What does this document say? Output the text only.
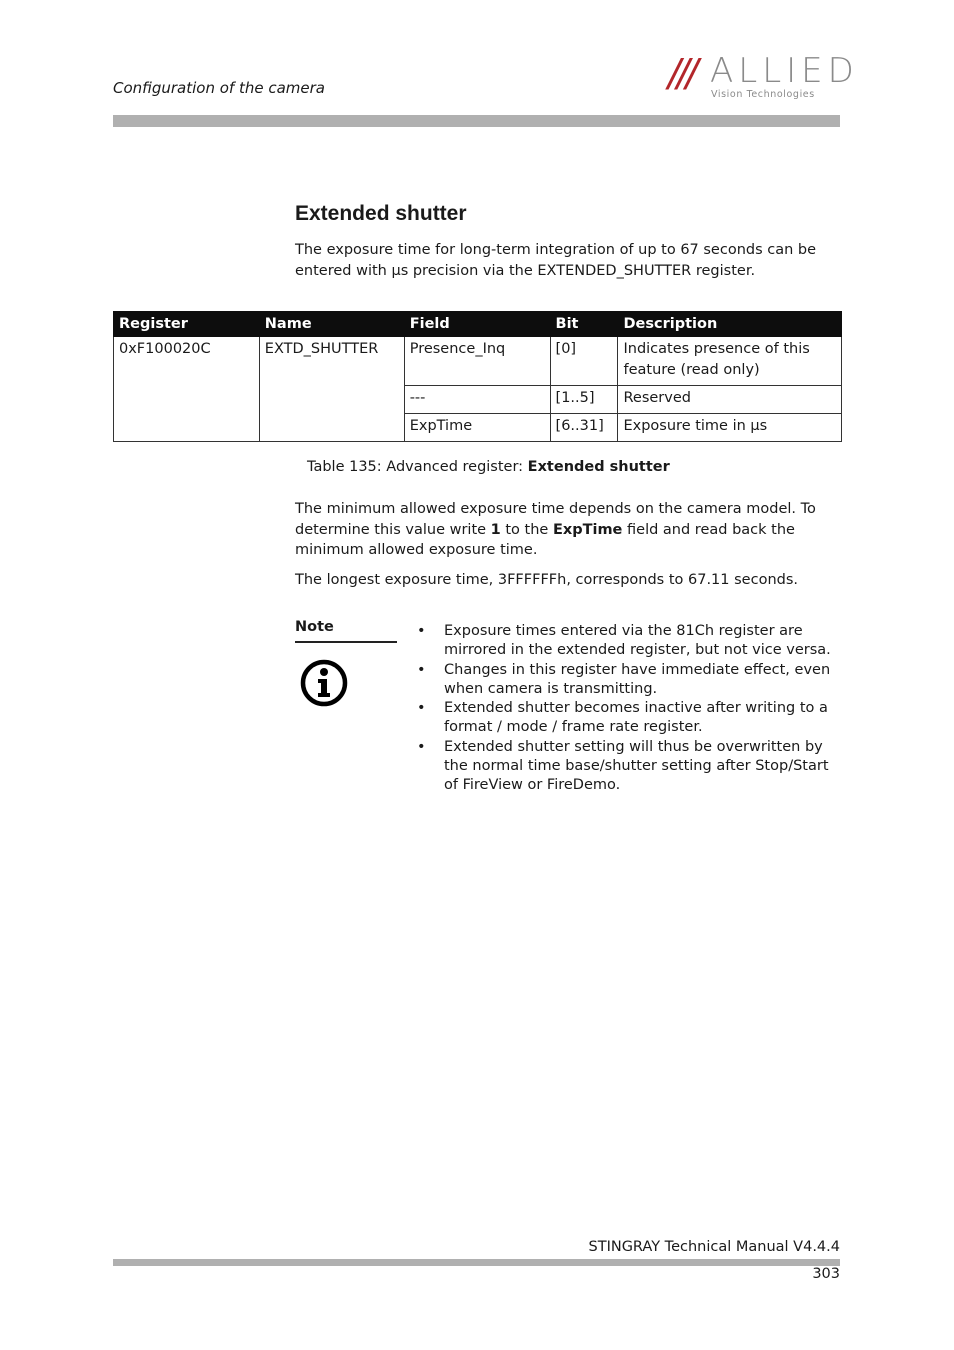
Configuration of the camera	/// ALLIED
Vision Technologies
Extended shutter
The exposure time for long-term integration of up to 67 seconds can be entered with µs precision via the EXTENDED_SHUTTER register.
Register	Name	Field	Bit	Description
0xF100020C	EXTD_SHUTTER	Presence_Inq	[0]	Indicates presence of this feature (read only)
		---	[1..5]	Reserved
		ExpTime	[6..31]	Exposure time in µs
Table 135: Advanced register: Extended shutter
The minimum allowed exposure time depends on the camera model. To determine this value write 1 to the ExpTime field and read back the minimum allowed exposure time.
The longest exposure time, 3FFFFFFh, corresponds to 67.11 seconds.
Note	• Exposure times entered via the 81Ch register are mirrored in the extended register, but not vice versa.
• Changes in this register have immediate effect, even when camera is transmitting.
• Extended shutter becomes inactive after writing to a format / mode / frame rate register.
• Extended shutter setting will thus be overwritten by the normal time base/shutter setting after Stop/Start of FireView or FireDemo.
STINGRAY Technical Manual V4.4.4
303
